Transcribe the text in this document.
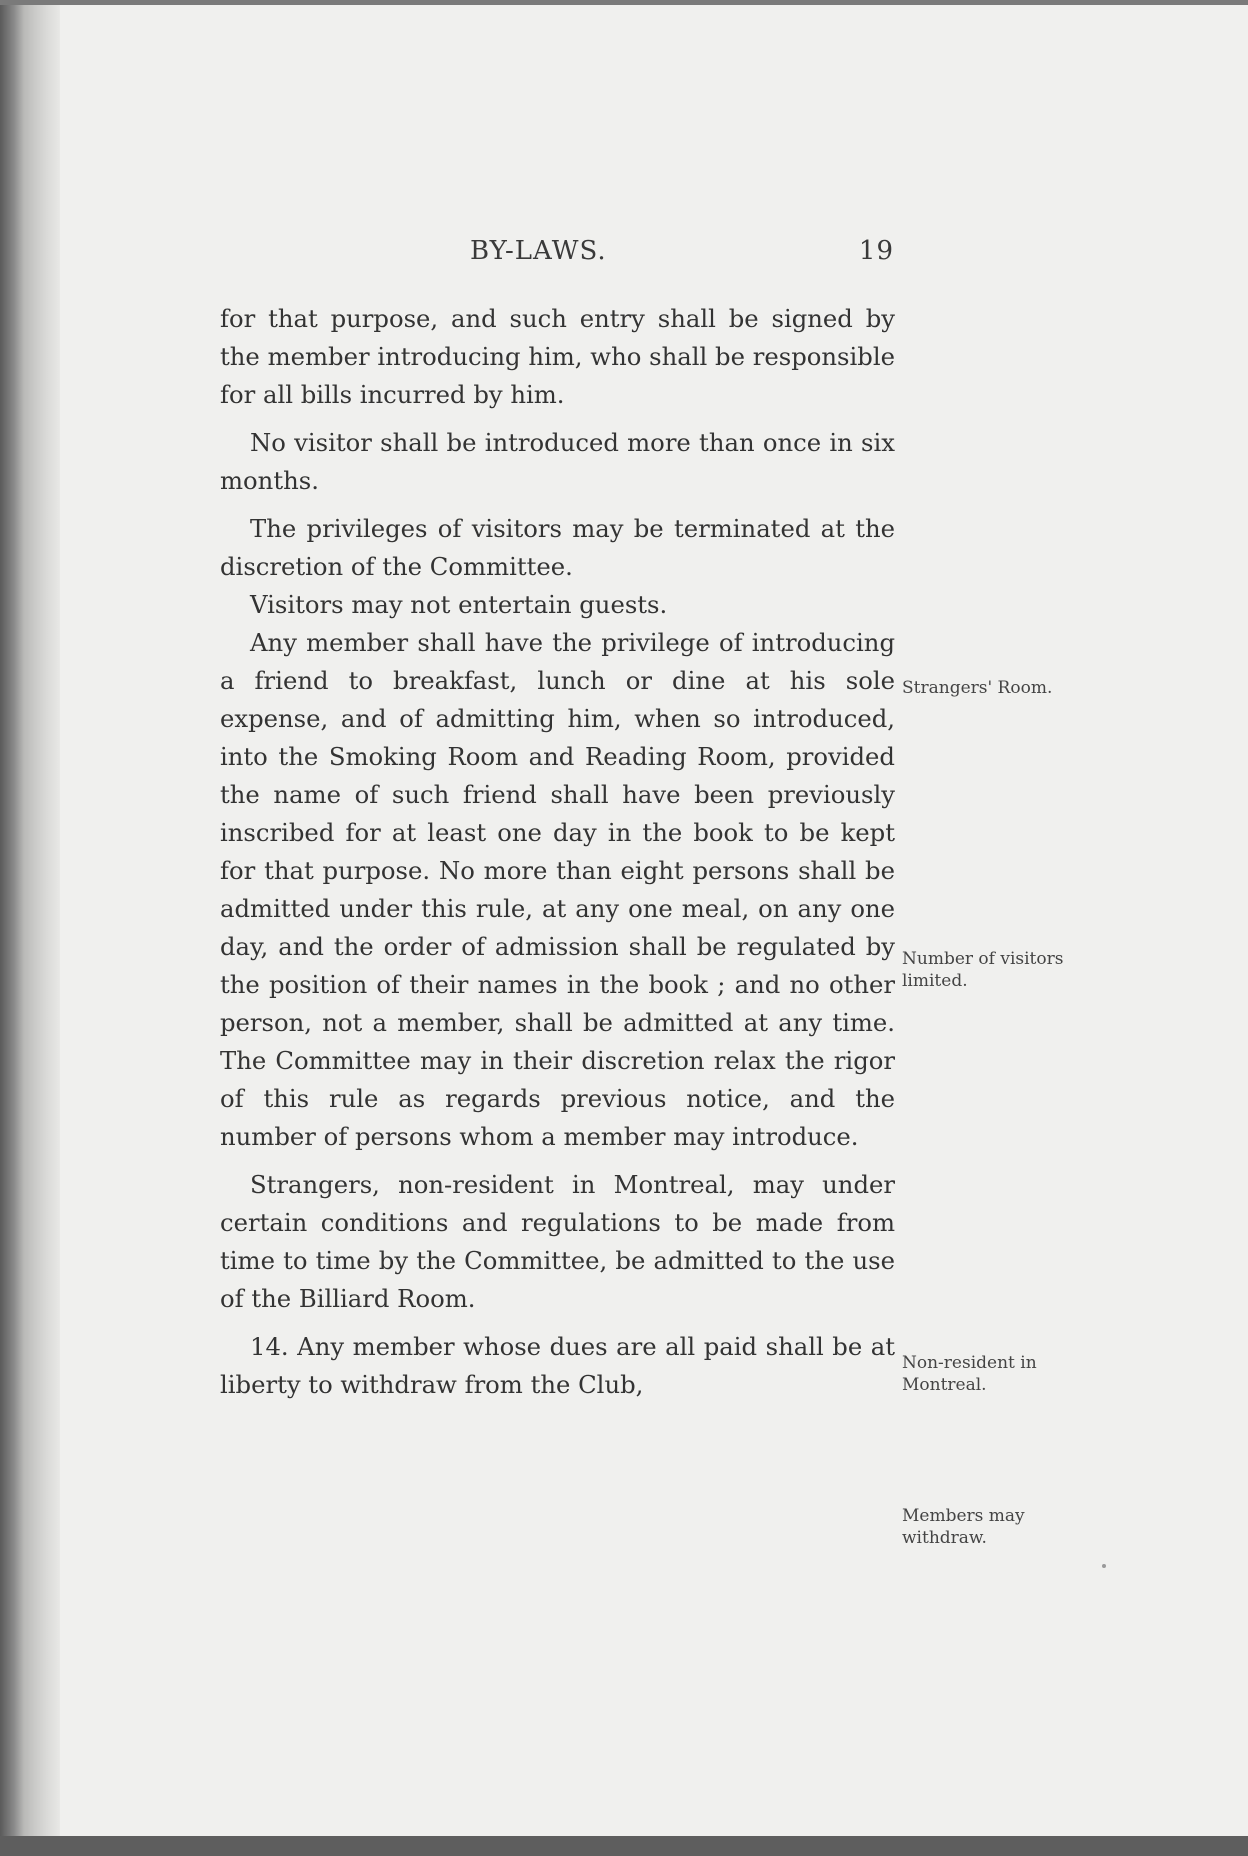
BY-LAWS.	19

for that purpose, and such entry shall be signed by the member introducing him, who shall be responsible for all bills incurred by him.

No visitor shall be introduced more than once in six months.

The privileges of visitors may be terminated at the discretion of the Committee.

Visitors may not entertain guests.

Any member shall have the privilege of introducing a friend to breakfast, lunch or dine at his sole expense, and of admitting him, when so introduced, into the Smoking Room and Reading Room, provided the name of such friend shall have been previously inscribed for at least one day in the book to be kept for that purpose. No more than eight persons shall be admitted under this rule, at any one meal, on any one day, and the order of admission shall be regulated by the position of their names in the book ; and no other person, not a member, shall be admitted at any time. The Committee may in their discretion relax the rigor of this rule as regards previous notice, and the number of persons whom a member may introduce.

Strangers, non-resident in Montreal, may under certain conditions and regulations to be made from time to time by the Committee, be admitted to the use of the Billiard Room.

14. Any member whose dues are all paid shall be at liberty to withdraw from the Club,

Strangers' Room.
Number of visitors limited.
Non-resident in Montreal.
Members may withdraw.
